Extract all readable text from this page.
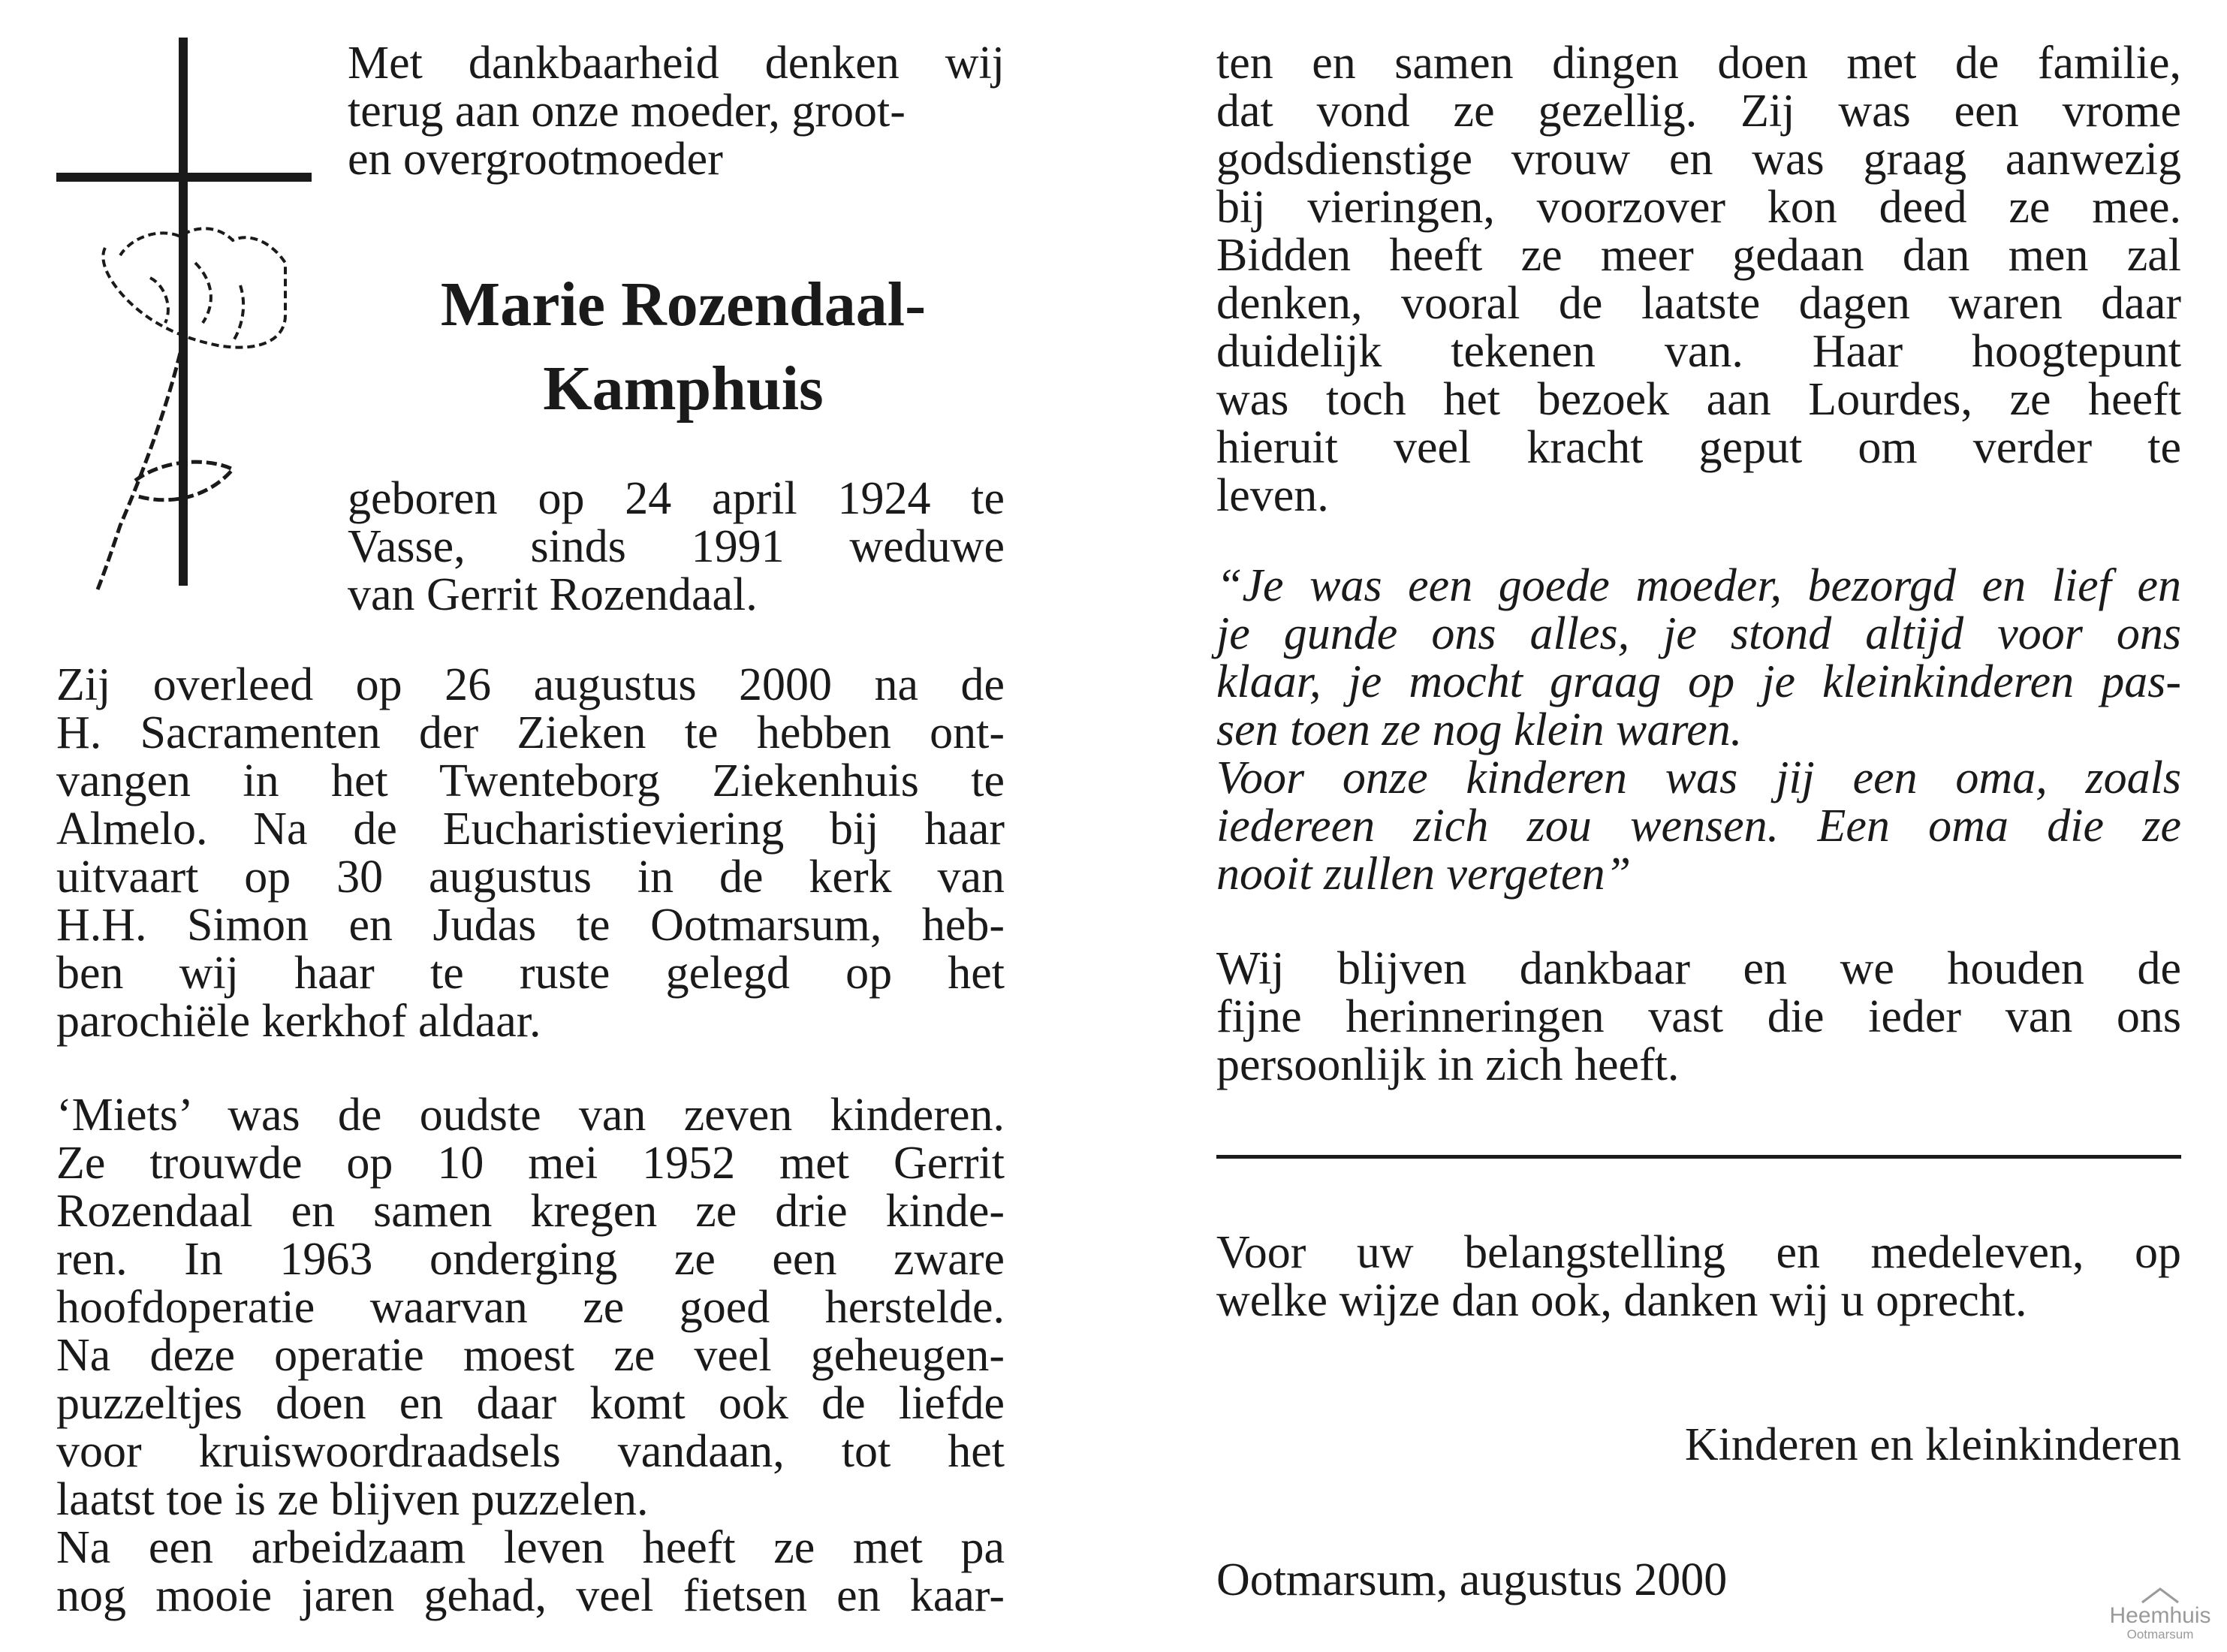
Met dankbaarheid denken wij
terug aan onze moeder, groot-
en overgrootmoeder
Marie Rozendaal-
Kamphuis
geboren op 24 april 1924 te
Vasse, sinds 1991 weduwe
van Gerrit Rozendaal.
Zij overleed op 26 augustus 2000 na de
H. Sacramenten der Zieken te hebben ont-
vangen in het Twenteborg Ziekenhuis te
Almelo. Na de Eucharistieviering bij haar
uitvaart op 30 augustus in de kerk van
H.H. Simon en Judas te Ootmarsum, heb-
ben wij haar te ruste gelegd op het
parochiële kerkhof aldaar.
‘Miets’ was de oudste van zeven kinderen.
Ze trouwde op 10 mei 1952 met Gerrit
Rozendaal en samen kregen ze drie kinde-
ren. In 1963 onderging ze een zware
hoofdoperatie waarvan ze goed herstelde.
Na deze operatie moest ze veel geheugen-
puzzeltjes doen en daar komt ook de liefde
voor kruiswoordraadsels vandaan, tot het
laatst toe is ze blijven puzzelen.
Na een arbeidzaam leven heeft ze met pa
nog mooie jaren gehad, veel fietsen en kaar-
ten en samen dingen doen met de familie,
dat vond ze gezellig. Zij was een vrome
godsdienstige vrouw en was graag aanwezig
bij vieringen, voorzover kon deed ze mee.
Bidden heeft ze meer gedaan dan men zal
denken, vooral de laatste dagen waren daar
duidelijk tekenen van. Haar hoogtepunt
was toch het bezoek aan Lourdes, ze heeft
hieruit veel kracht geput om verder te
leven.
“Je was een goede moeder, bezorgd en lief en
je gunde ons alles, je stond altijd voor ons
klaar, je mocht graag op je kleinkinderen pas-
sen toen ze nog klein waren.
Voor onze kinderen was jij een oma, zoals
iedereen zich zou wensen. Een oma die ze
nooit zullen vergeten”
Wij blijven dankbaar en we houden de
fijne herinneringen vast die ieder van ons
persoonlijk in zich heeft.
Voor uw belangstelling en medeleven, op
welke wijze dan ook, danken wij u oprecht.
Kinderen en kleinkinderen
Ootmarsum, augustus 2000
Heemhuis
Ootmarsum
